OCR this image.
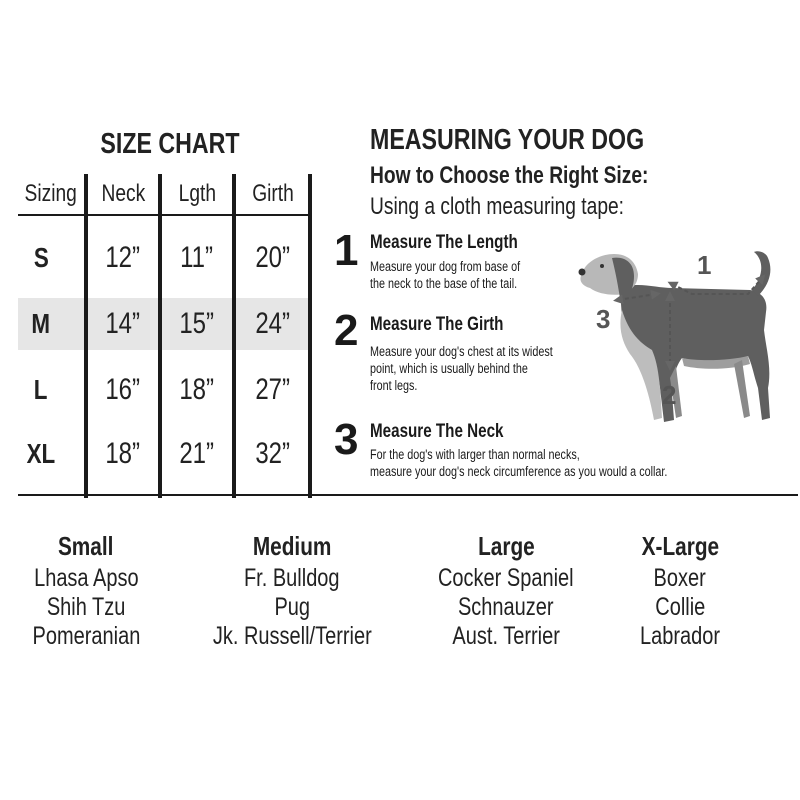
SIZE CHART
Sizing Neck	Lgth	Girth
S	12”	11”	20”
M	14”	15”	24”
L	16”	18”	27”
XL	18”	21”	32”
MEASURING YOUR DOG
How to Choose the Right Size:
Using a cloth measuring tape:
1 Measure The Length
Measure your dog from base of
the neck to the base of the tail.
2 Measure The Girth
Measure your dog's chest at its widest
point, which is usually behind the
front legs.
3 Measure The Neck
For the dog's with larger than normal necks,
measure your dog's neck circumference as you would a collar.
1
2
3
Small
Lhasa Apso
Shih Tzu
Pomeranian
Medium
Fr. Bulldog
Pug
Jk. Russell/Terrier
Large
Cocker Spaniel
Schnauzer
Aust. Terrier
X-Large
Boxer
Collie
Labrador
